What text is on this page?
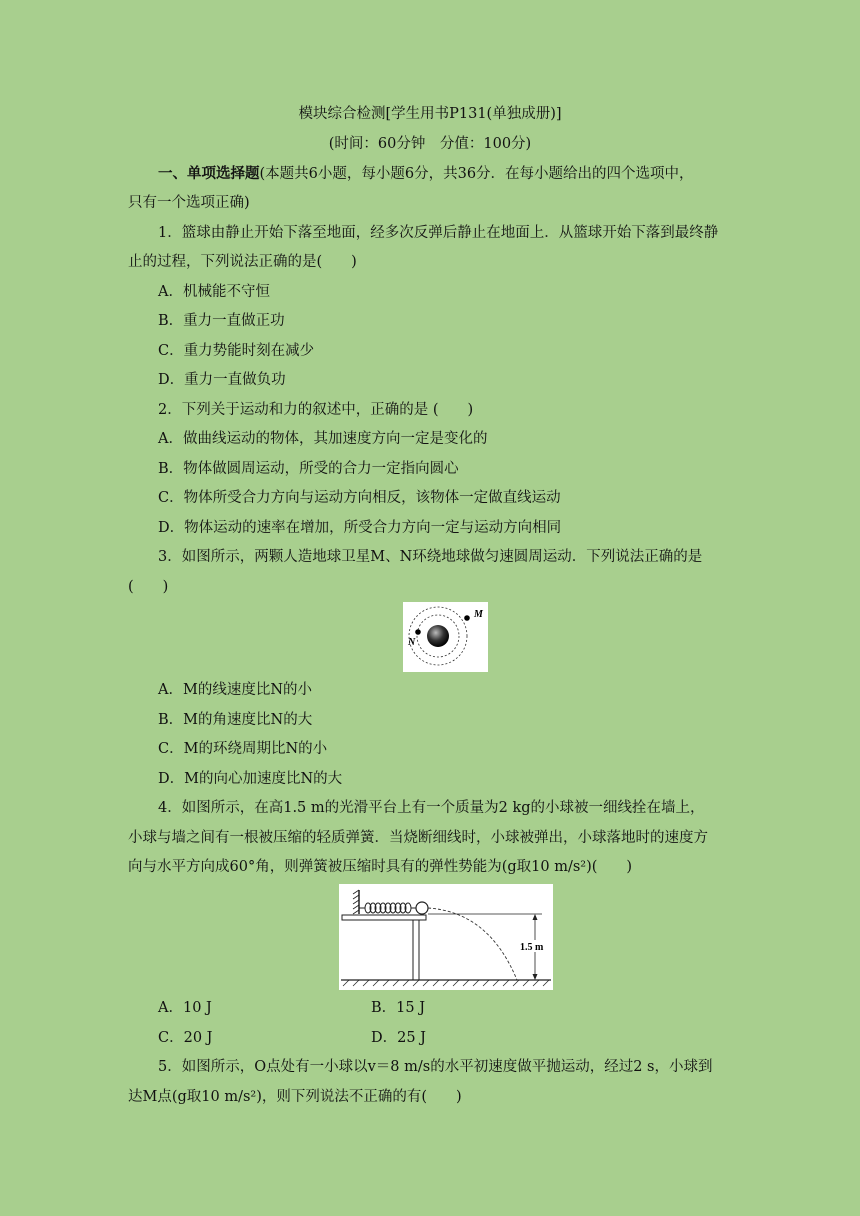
模块综合检测[学生用书P131(单独成册)]
(时间：60分钟　分值：100分)
一、单项选择题(本题共6小题，每小题6分，共36分．在每小题给出的四个选项中，
只有一个选项正确)
1．篮球由静止开始下落至地面，经多次反弹后静止在地面上．从篮球开始下落到最终静
止的过程，下列说法正确的是(　　)
A．机械能不守恒
B．重力一直做正功
C．重力势能时刻在减少
D．重力一直做负功
2．下列关于运动和力的叙述中，正确的是 (　　)
A．做曲线运动的物体，其加速度方向一定是变化的
B．物体做圆周运动，所受的合力一定指向圆心
C．物体所受合力方向与运动方向相反，该物体一定做直线运动
D．物体运动的速率在增加，所受合力方向一定与运动方向相同
3．如图所示，两颗人造地球卫星M、N环绕地球做匀速圆周运动．下列说法正确的是
(　　)
M
N
A．M的线速度比N的小
B．M的角速度比N的大
C．M的环绕周期比N的小
D．M的向心加速度比N的大
4．如图所示，在高1.5 m的光滑平台上有一个质量为2 kg的小球被一细线拴在墙上，
小球与墙之间有一根被压缩的轻质弹簧．当烧断细线时，小球被弹出，小球落地时的速度方
向与水平方向成60°角，则弹簧被压缩时具有的弹性势能为(g取10 m/s²)(　　)
1.5 m
A．10 J	B．15 J
C．20 J	D．25 J
5．如图所示，O点处有一小球以v＝8 m/s的水平初速度做平抛运动，经过2 s，小球到
达M点(g取10 m/s²)，则下列说法不正确的有(　　)
